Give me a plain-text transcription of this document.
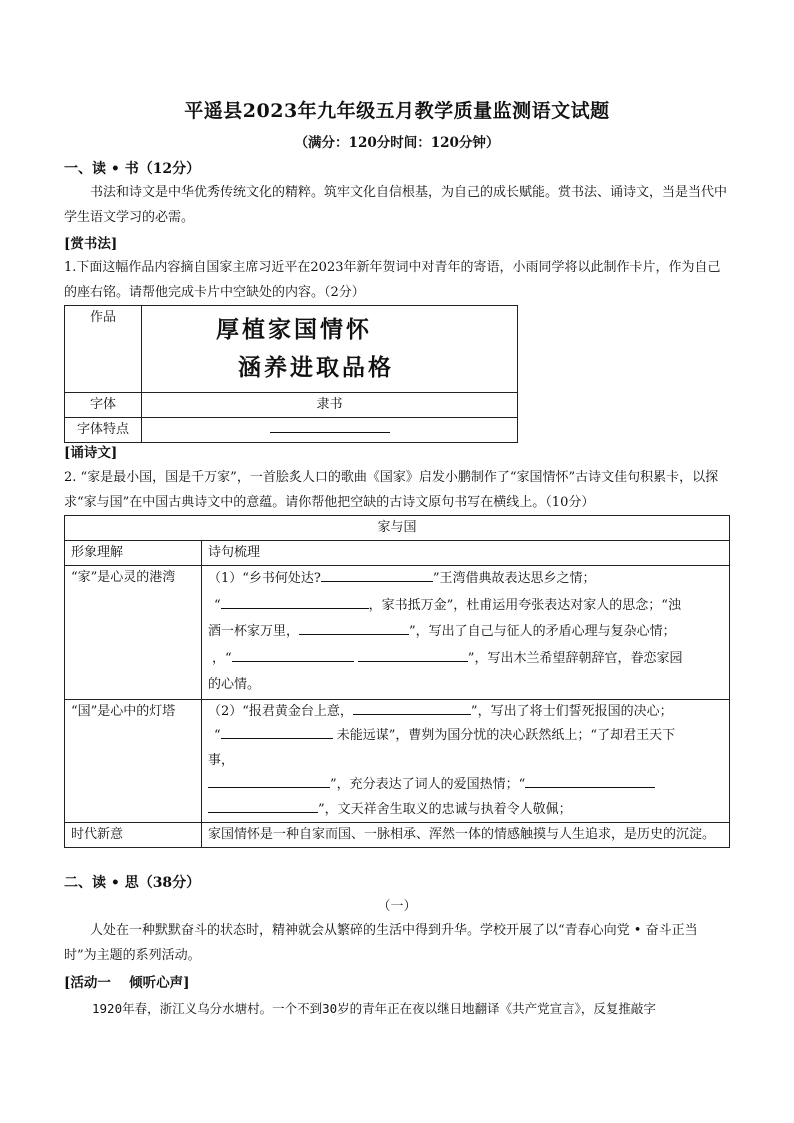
平遥县2023年九年级五月教学质量监测语文试题
（满分：120分时间：120分钟）
一、读 • 书（12分）
书法和诗文是中华优秀传统文化的精粹。筑牢文化自信根基，为自己的成长赋能。赏书法、诵诗文，当是当代中学生语文学习的必需。
[赏书法]
1.下面这幅作品内容摘自国家主席习近平在2023年新年贺词中对青年的寄语，小雨同学将以此制作卡片，作为自己的座右铭。请帮他完成卡片中空缺处的内容。（2分）
作品	厚植家国情怀
涵养进取品格

字体	隶书
字体特点	
[诵诗文]
2. “家是最小国，国是千万家”，一首脍炙人口的歌曲《国家》启发小鹏制作了“家国情怀”古诗文佳句积累卡，以探求“家与国”在中国古典诗文中的意蕴。请你帮他把空缺的古诗文原句书写在横线上。（10分）
家与国	
形象理解	诗句梳理
“家”是心灵的港湾	（1）“乡书何处达? ”王湾借典故表达思乡之情；
“ ，家书抵万金”，杜甫运用夸张表达对家人的思念；“浊
酒一杯家万里， ”，写出了自己与征人的矛盾心理与复杂心情；
，“ ”，写出木兰希望辞朝辞官，眷恋家园
的心情。

“国”是心中的灯塔	（2）“报君黄金台上意， ”，写出了将士们誓死报国的决心；
“ 未能远谋”，曹刿为国分忧的决心跃然纸上；“了却君王天下
事，
”，充分表达了词人的爱国热情；“
”，文天祥舍生取义的忠诚与执着令人敬佩；

时代新意	家国情怀是一种自家而国、一脉相承、浑然一体的情感触摸与人生追求，是历史的沉淀。
二、读 • 思（38分）
（一）
人处在一种默默奋斗的状态时，精神就会从繁碎的生活中得到升华。学校开展了以“青春心向党 • 奋斗正当时”为主题的系列活动。
[活动一　 倾听心声]
1920年春，浙江义乌分水塘村。一个不到30岁的青年正在夜以继日地翻译《共产党宣言》，反复推敲字
